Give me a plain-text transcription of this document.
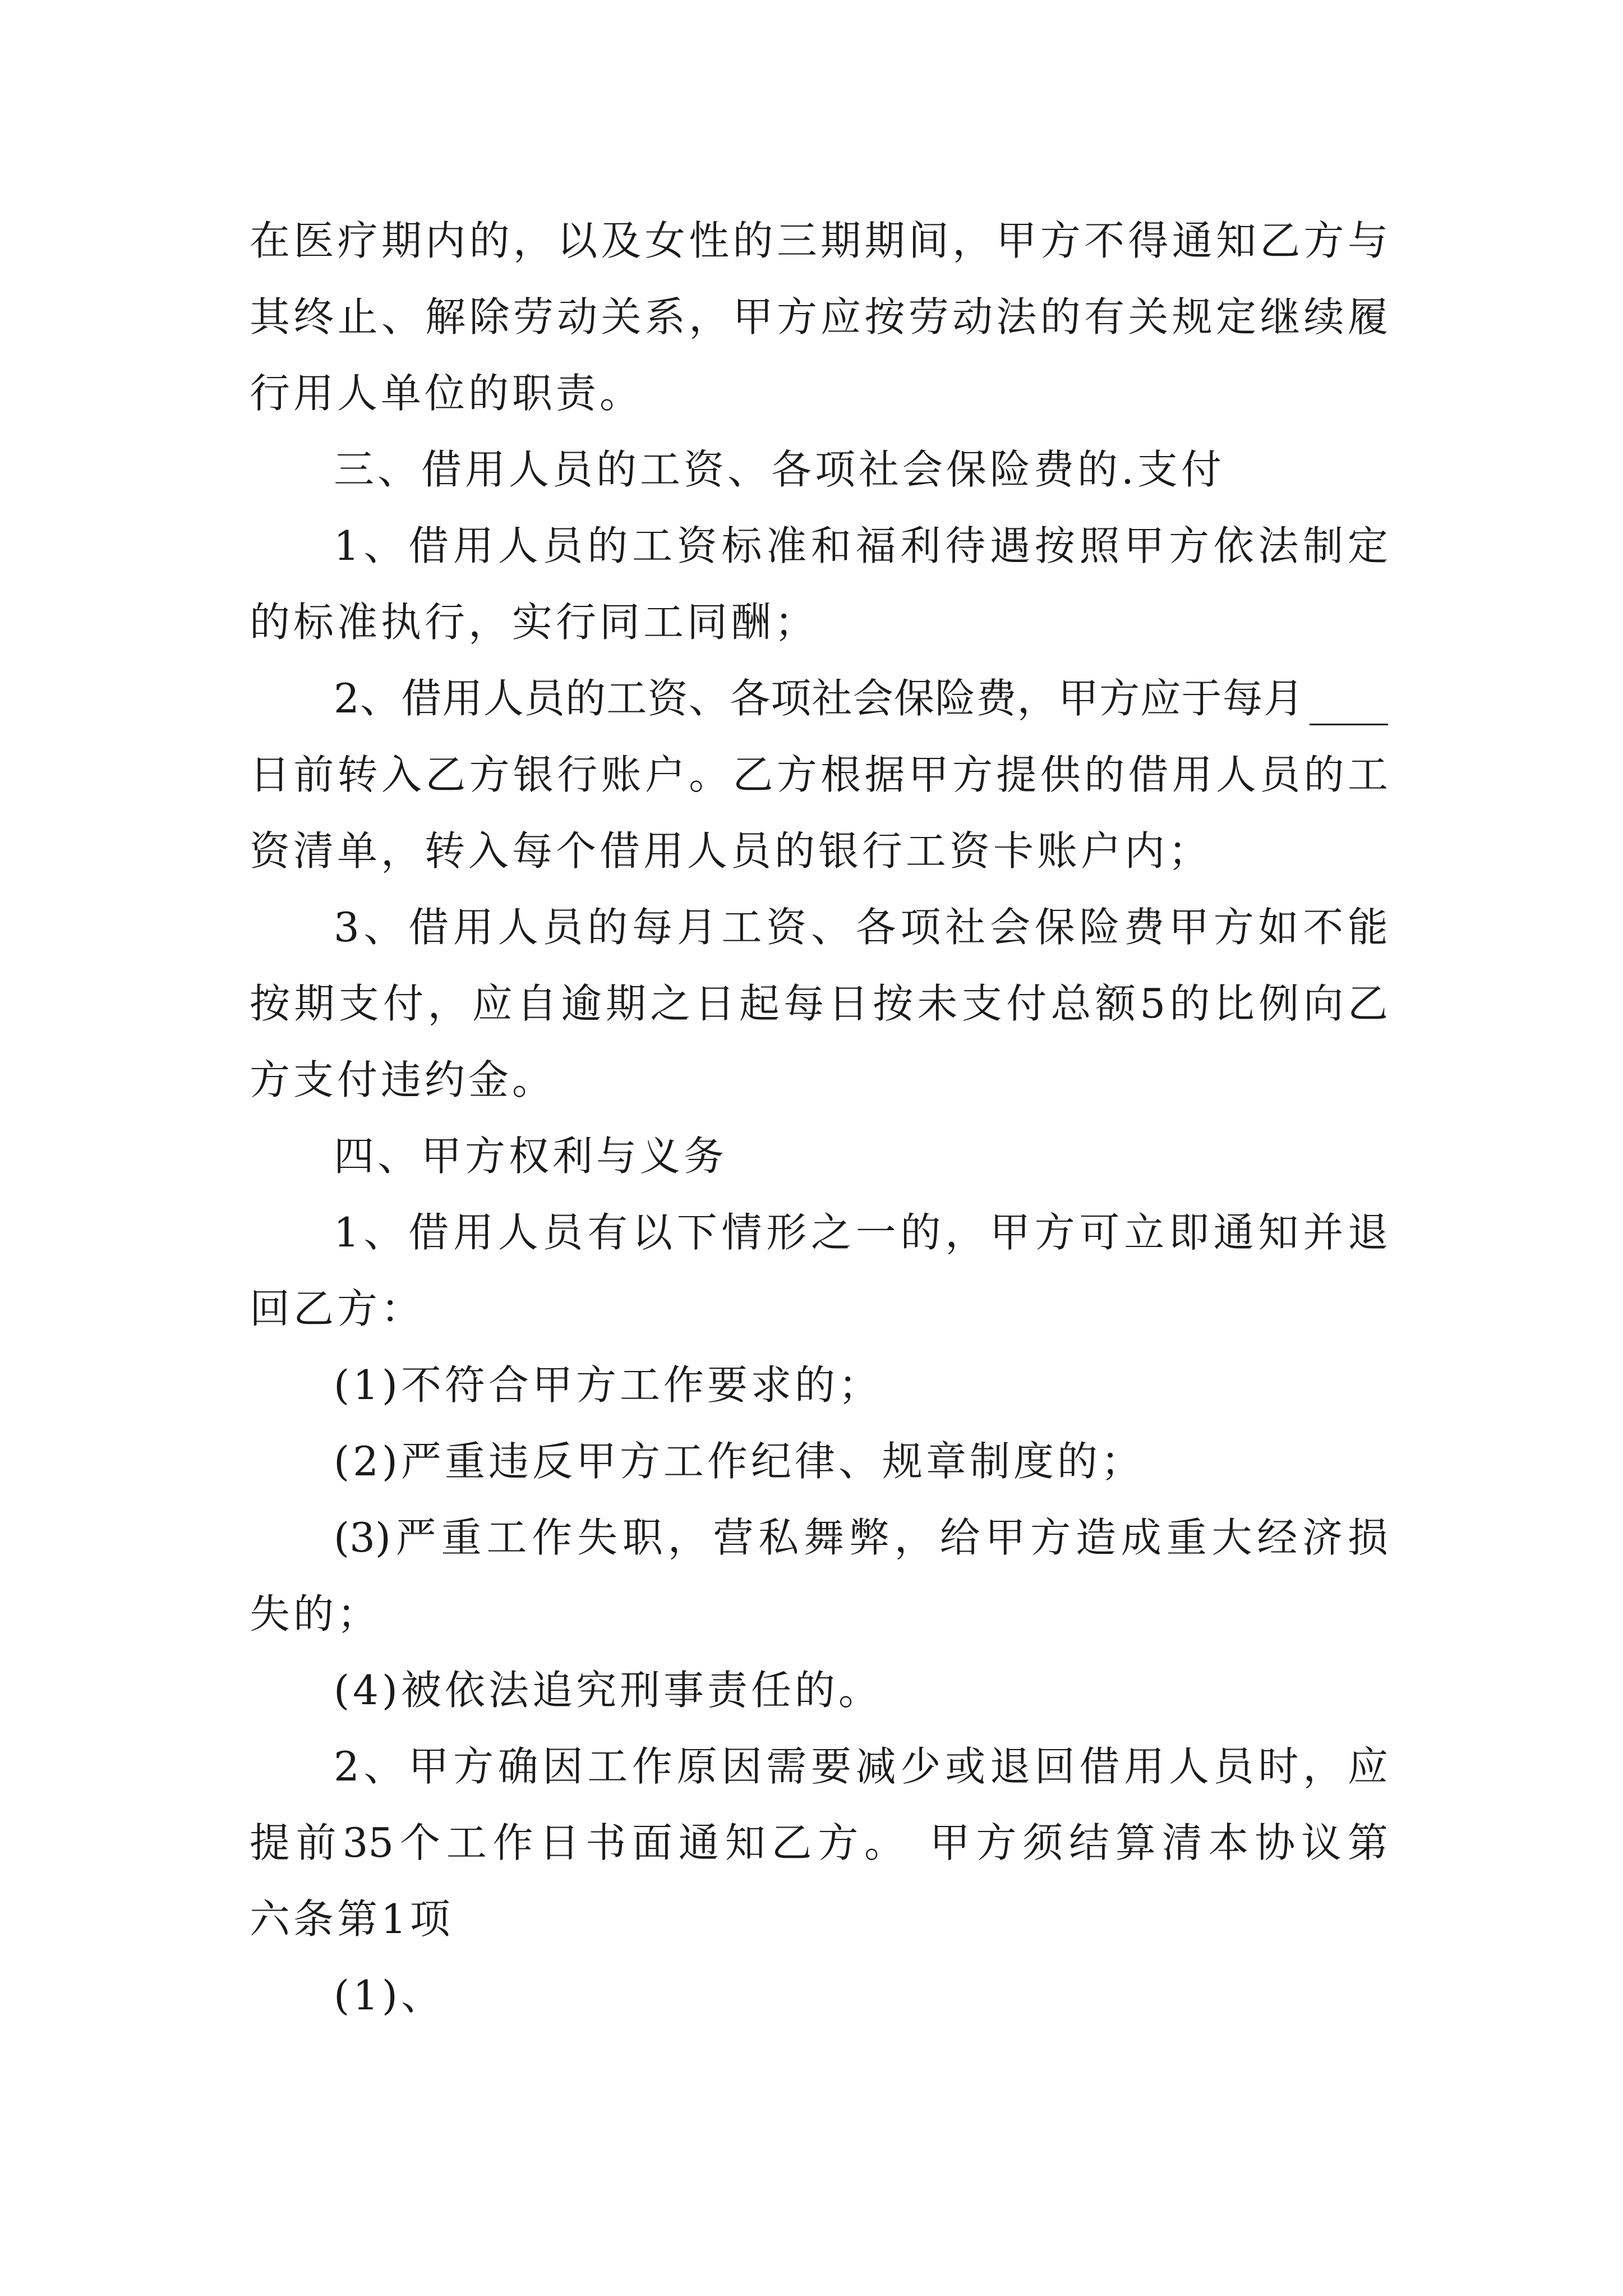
在医疗期内的，以及女性的三期期间，甲方不得通知乙方与
其终止、解除劳动关系，甲方应按劳动法的有关规定继续履
行用人单位的职责。
三、借用人员的工资、各项社会保险费的.支付
1、借用人员的工资标准和福利待遇按照甲方依法制定
的标准执行，实行同工同酬；
2、借用人员的工资、各项社会保险费，甲方应于每月
日前转入乙方银行账户。乙方根据甲方提供的借用人员的工
资清单，转入每个借用人员的银行工资卡账户内；
3、借用人员的每月工资、各项社会保险费甲方如不能
按期支付，应自逾期之日起每日按未支付总额5的比例向乙
方支付违约金。
四、甲方权利与义务
1、借用人员有以下情形之一的，甲方可立即通知并退
回乙方：
(1)不符合甲方工作要求的；
(2)严重违反甲方工作纪律、规章制度的；
(3)严重工作失职，营私舞弊，给甲方造成重大经济损
失的；
(4)被依法追究刑事责任的。
2、甲方确因工作原因需要减少或退回借用人员时，应
提前35个工作日书面通知乙方。 甲方须结算清本协议第
六条第1项
(1)、
